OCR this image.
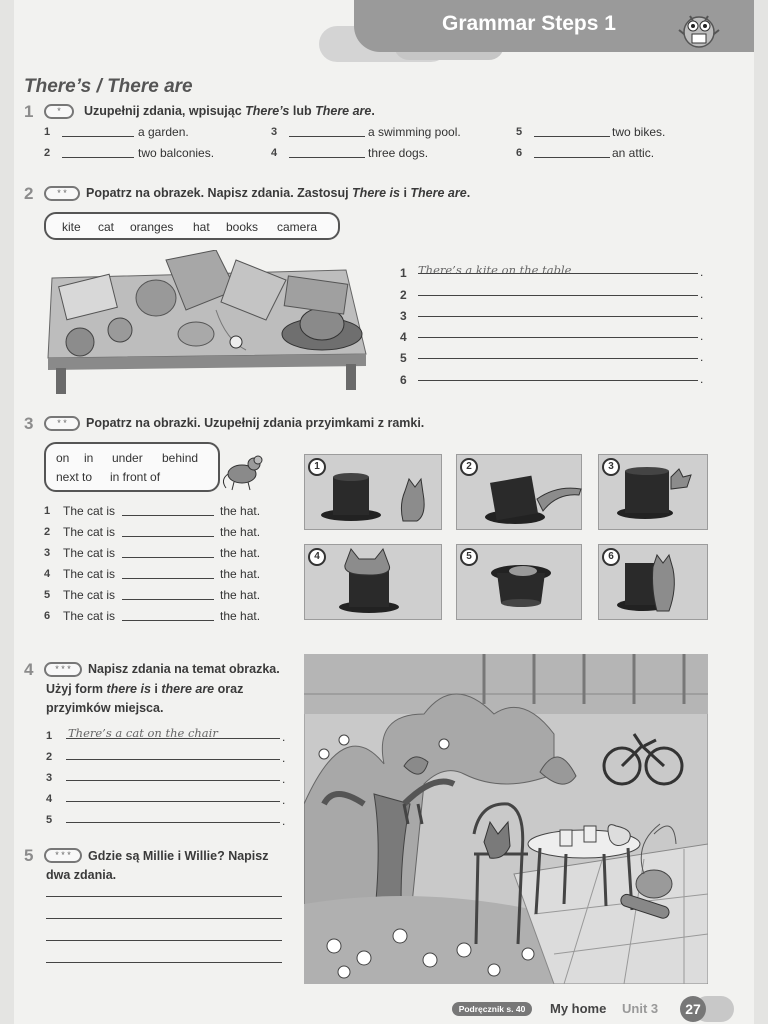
Grammar Steps 1
There’s / There are
1	*	Uzupełnij zdania, wpisując There’s lub There are.
1	a garden.
2	two balconies.
3	a swimming pool.
4	three dogs.
5	two bikes.
6	an attic.
2	* *	Popatrz na obrazek. Napisz zdania. Zastosuj There is i There are.
kite cat oranges hat books camera
1 There’s a kite on the table	.
2	.
3	.
4	.
5	.
6	.
3	* *	Popatrz na obrazki. Uzupełnij zdania przyimkami z ramki.
on in under behind
next to in front of
1 The cat is	the hat.
2 The cat is	the hat.
3 The cat is	the hat.
4 The cat is	the hat.
5 The cat is	the hat.
6 The cat is	the hat.
1	2	3
4	5	6
4	* * *	Napisz zdania na temat obrazka.
Użyj form there is i there are oraz
przyimków miejsca.
1 There’s a cat on the chair	.
2	.
3	.
4	.
5	.
5	* * *	Gdzie są Millie i Willie? Napisz
dwa zdania.
Podręcznik s. 40	My home Unit 3	27
